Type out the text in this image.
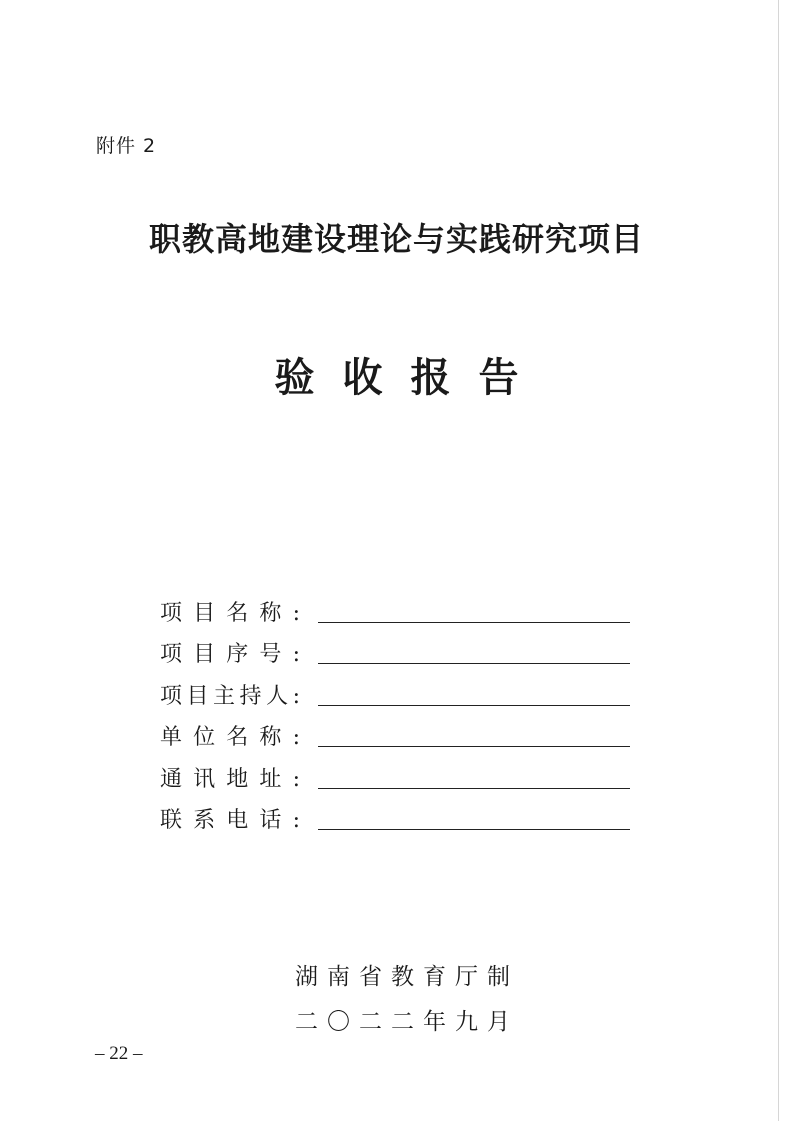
附件 2
职教高地建设理论与实践研究项目
验收报告
项目名称:
项目序号:
项目主持人:
单位名称:
通讯地址:
联系电话:
湖南省教育厅制
二〇二二年九月
– 22 –
